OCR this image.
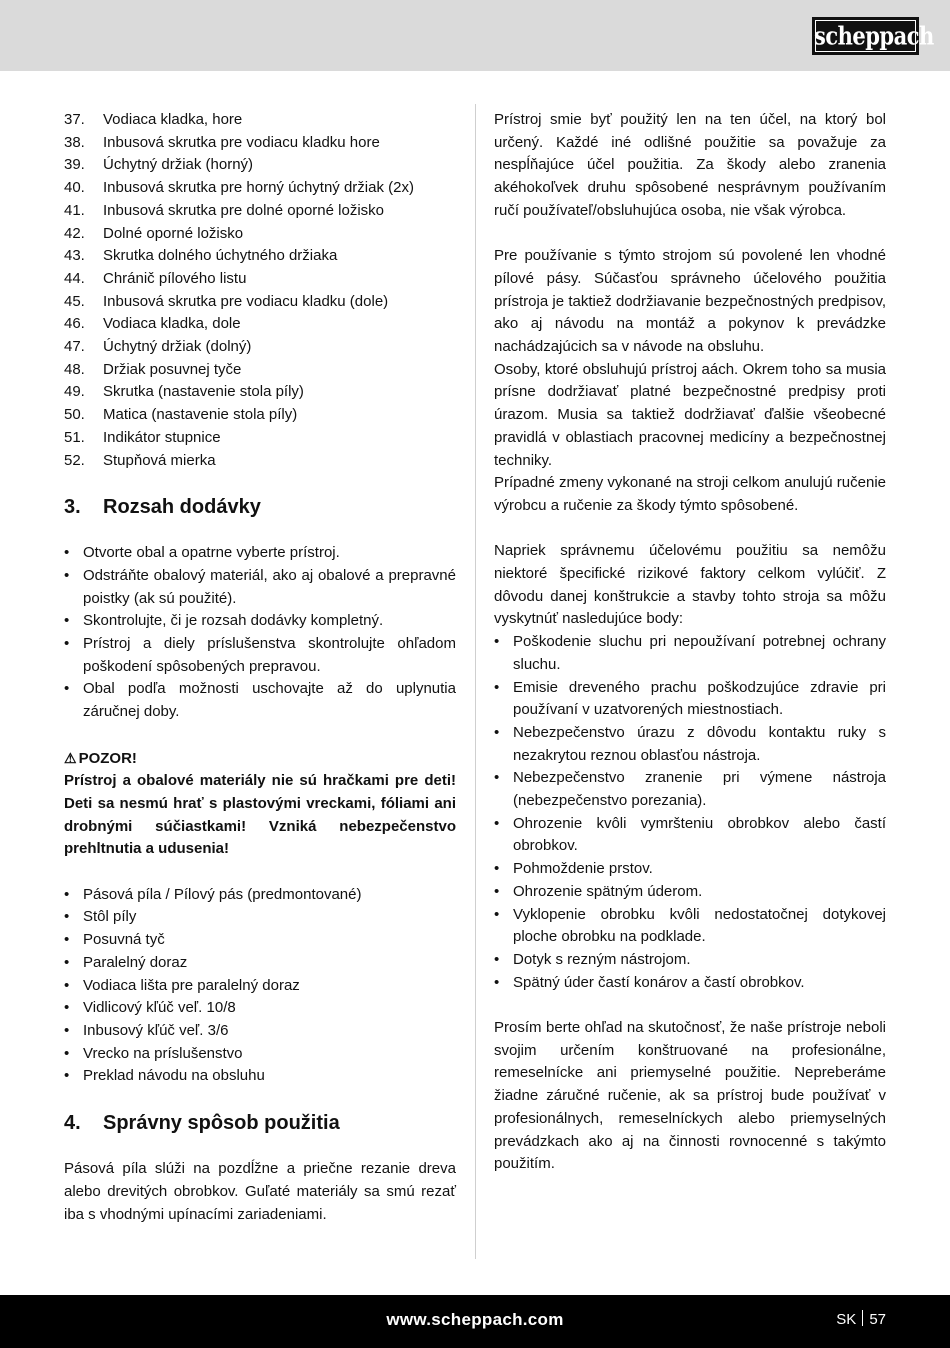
scheppach
37.	Vodiaca kladka, hore
38.	Inbusová skrutka pre vodiacu kladku hore
39.	Úchytný držiak (horný)
40.	Inbusová skrutka pre horný úchytný držiak (2x)
41.	Inbusová skrutka pre dolné oporné ložisko
42.	Dolné oporné ložisko
43.	Skrutka dolného úchytného držiaka
44.	Chránič pílového listu
45.	Inbusová skrutka pre vodiacu kladku (dole)
46.	Vodiaca kladka, dole
47.	Úchytný držiak (dolný)
48.	Držiak posuvnej tyče
49.	Skrutka (nastavenie stola píly)
50.	Matica (nastavenie stola píly)
51.	Indikátor stupnice
52.	Stupňová mierka
3.	Rozsah dodávky
• Otvorte obal a opatrne vyberte prístroj.
• Odstráňte obalový materiál, ako aj obalové a prepravné poistky (ak sú použité).
• Skontrolujte, či je rozsah dodávky kompletný.
• Prístroj a diely príslušenstva skontrolujte ohľadom poškodení spôsobených prepravou.
• Obal podľa možnosti uschovajte až do uplynutia záručnej doby.
⚠ POZOR!

Prístroj a obalové materiály nie sú hračkami pre deti! Deti sa nesmú hrať s plastovými vreckami, fóliami ani drobnými súčiastkami! Vzniká nebezpečenstvo prehltnutia a udusenia!

• Pásová píla / Pílový pás (predmontované)
• Stôl píly
• Posuvná tyč
• Paralelný doraz
• Vodiaca lišta pre paralelný doraz
• Vidlicový kľúč veľ. 10/8
• Inbusový kľúč veľ. 3/6
• Vrecko na príslušenstvo
• Preklad návodu na obsluhu
4.	Správny spôsob použitia

Pásová píla slúži na pozdĺžne a priečne rezanie dreva alebo drevitých obrobkov. Guľaté materiály sa smú rezať iba s vhodnými upínacími zariadeniami.

Prístroj smie byť použitý len na ten účel, na ktorý bol určený. Každé iné odlišné použitie sa považuje za nespĺňajúce účel použitia. Za škody alebo zranenia akéhokoľvek druhu spôsobené nesprávnym používaním ručí používateľ/obsluhujúca osoba, nie však výrobca.

Pre používanie s týmto strojom sú povolené len vhodné pílové pásy. Súčasťou správneho účelového použitia prístroja je taktiež dodržiavanie bezpečnostných predpisov, ako aj návodu na montáž a pokynov k prevádzke nachádzajúcich sa v návode na obsluhu.

Osoby, ktoré obsluhujú prístroj aách. Okrem toho sa musia prísne dodržiavať platné bezpečnostné predpisy proti úrazom. Musia sa taktiež dodržiavať ďalšie všeobecné pravidlá v oblastiach pracovnej medicíny a bezpečnostnej techniky.

Prípadné zmeny vykonané na stroji celkom anulujú ručenie výrobcu a ručenie za škody týmto spôsobené.

Napriek správnemu účelovému použitiu sa nemôžu niektoré špecifické rizikové faktory celkom vylúčiť. Z dôvodu danej konštrukcie a stavby tohto stroja sa môžu vyskytnúť nasledujúce body:

• Poškodenie sluchu pri nepoužívaní potrebnej ochrany sluchu.
• Emisie dreveného prachu poškodzujúce zdravie pri používaní v uzatvorených miestnostiach.
• Nebezpečenstvo úrazu z dôvodu kontaktu ruky s nezakrytou reznou oblasťou nástroja.
• Nebezpečenstvo zranenie pri výmene nástroja (nebezpečenstvo porezania).
• Ohrozenie kvôli vymršteniu obrobkov alebo častí obrobkov.
• Pohmoždenie prstov.
• Ohrozenie spätným úderom.
• Vyklopenie obrobku kvôli nedostatočnej dotykovej ploche obrobku na podklade.
• Dotyk s rezným nástrojom.
• Spätný úder častí konárov a častí obrobkov.

Prosím berte ohľad na skutočnosť, že naše prístroje neboli svojim určením konštruované na profesionálne, remeselnícke ani priemyselné použitie. Nepreberáme žiadne záručné ručenie, ak sa prístroj bude používať v profesionálnych, remeselníckych alebo priemyselných prevádzkach ako aj na činnosti rovnocenné s takýmto použitím.

www.scheppach.com	SK 57
